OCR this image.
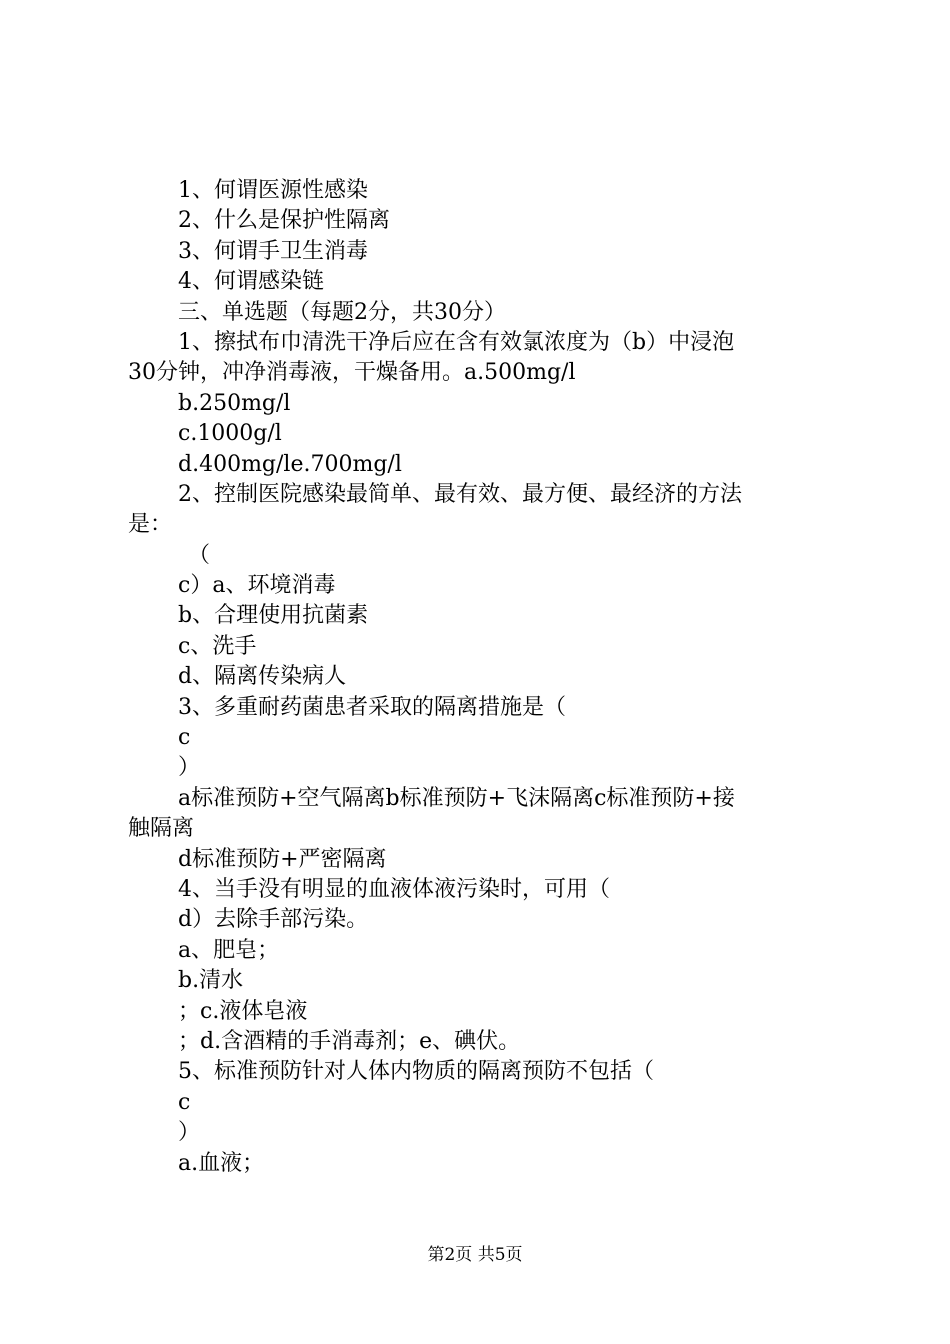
1、何谓医源性感染
2、什么是保护性隔离
3、何谓手卫生消毒
4、何谓感染链
三、单选题（每题2分，共30分）
1、擦拭布巾清洗干净后应在含有效氯浓度为（b）中浸泡
30分钟，冲净消毒液，干燥备用。a.500mg/l
b.250mg/l
c.1000g/l
d.400mg/le.700mg/l
2、控制医院感染最简单、最有效、最方便、最经济的方法
是：
（
c）a、环境消毒
b、合理使用抗菌素
c、洗手
d、隔离传染病人
3、多重耐药菌患者采取的隔离措施是（
c
）
a标准预防+空气隔离b标准预防+飞沫隔离c标准预防+接
触隔离
d标准预防+严密隔离
4、当手没有明显的血液体液污染时，可用（
d）去除手部污染。
a、肥皂；
b.清水
；c.液体皂液
；d.含酒精的手消毒剂；e、碘伏。
5、标准预防针对人体内物质的隔离预防不包括（
c
）
a.血液；
第2页 共5页
